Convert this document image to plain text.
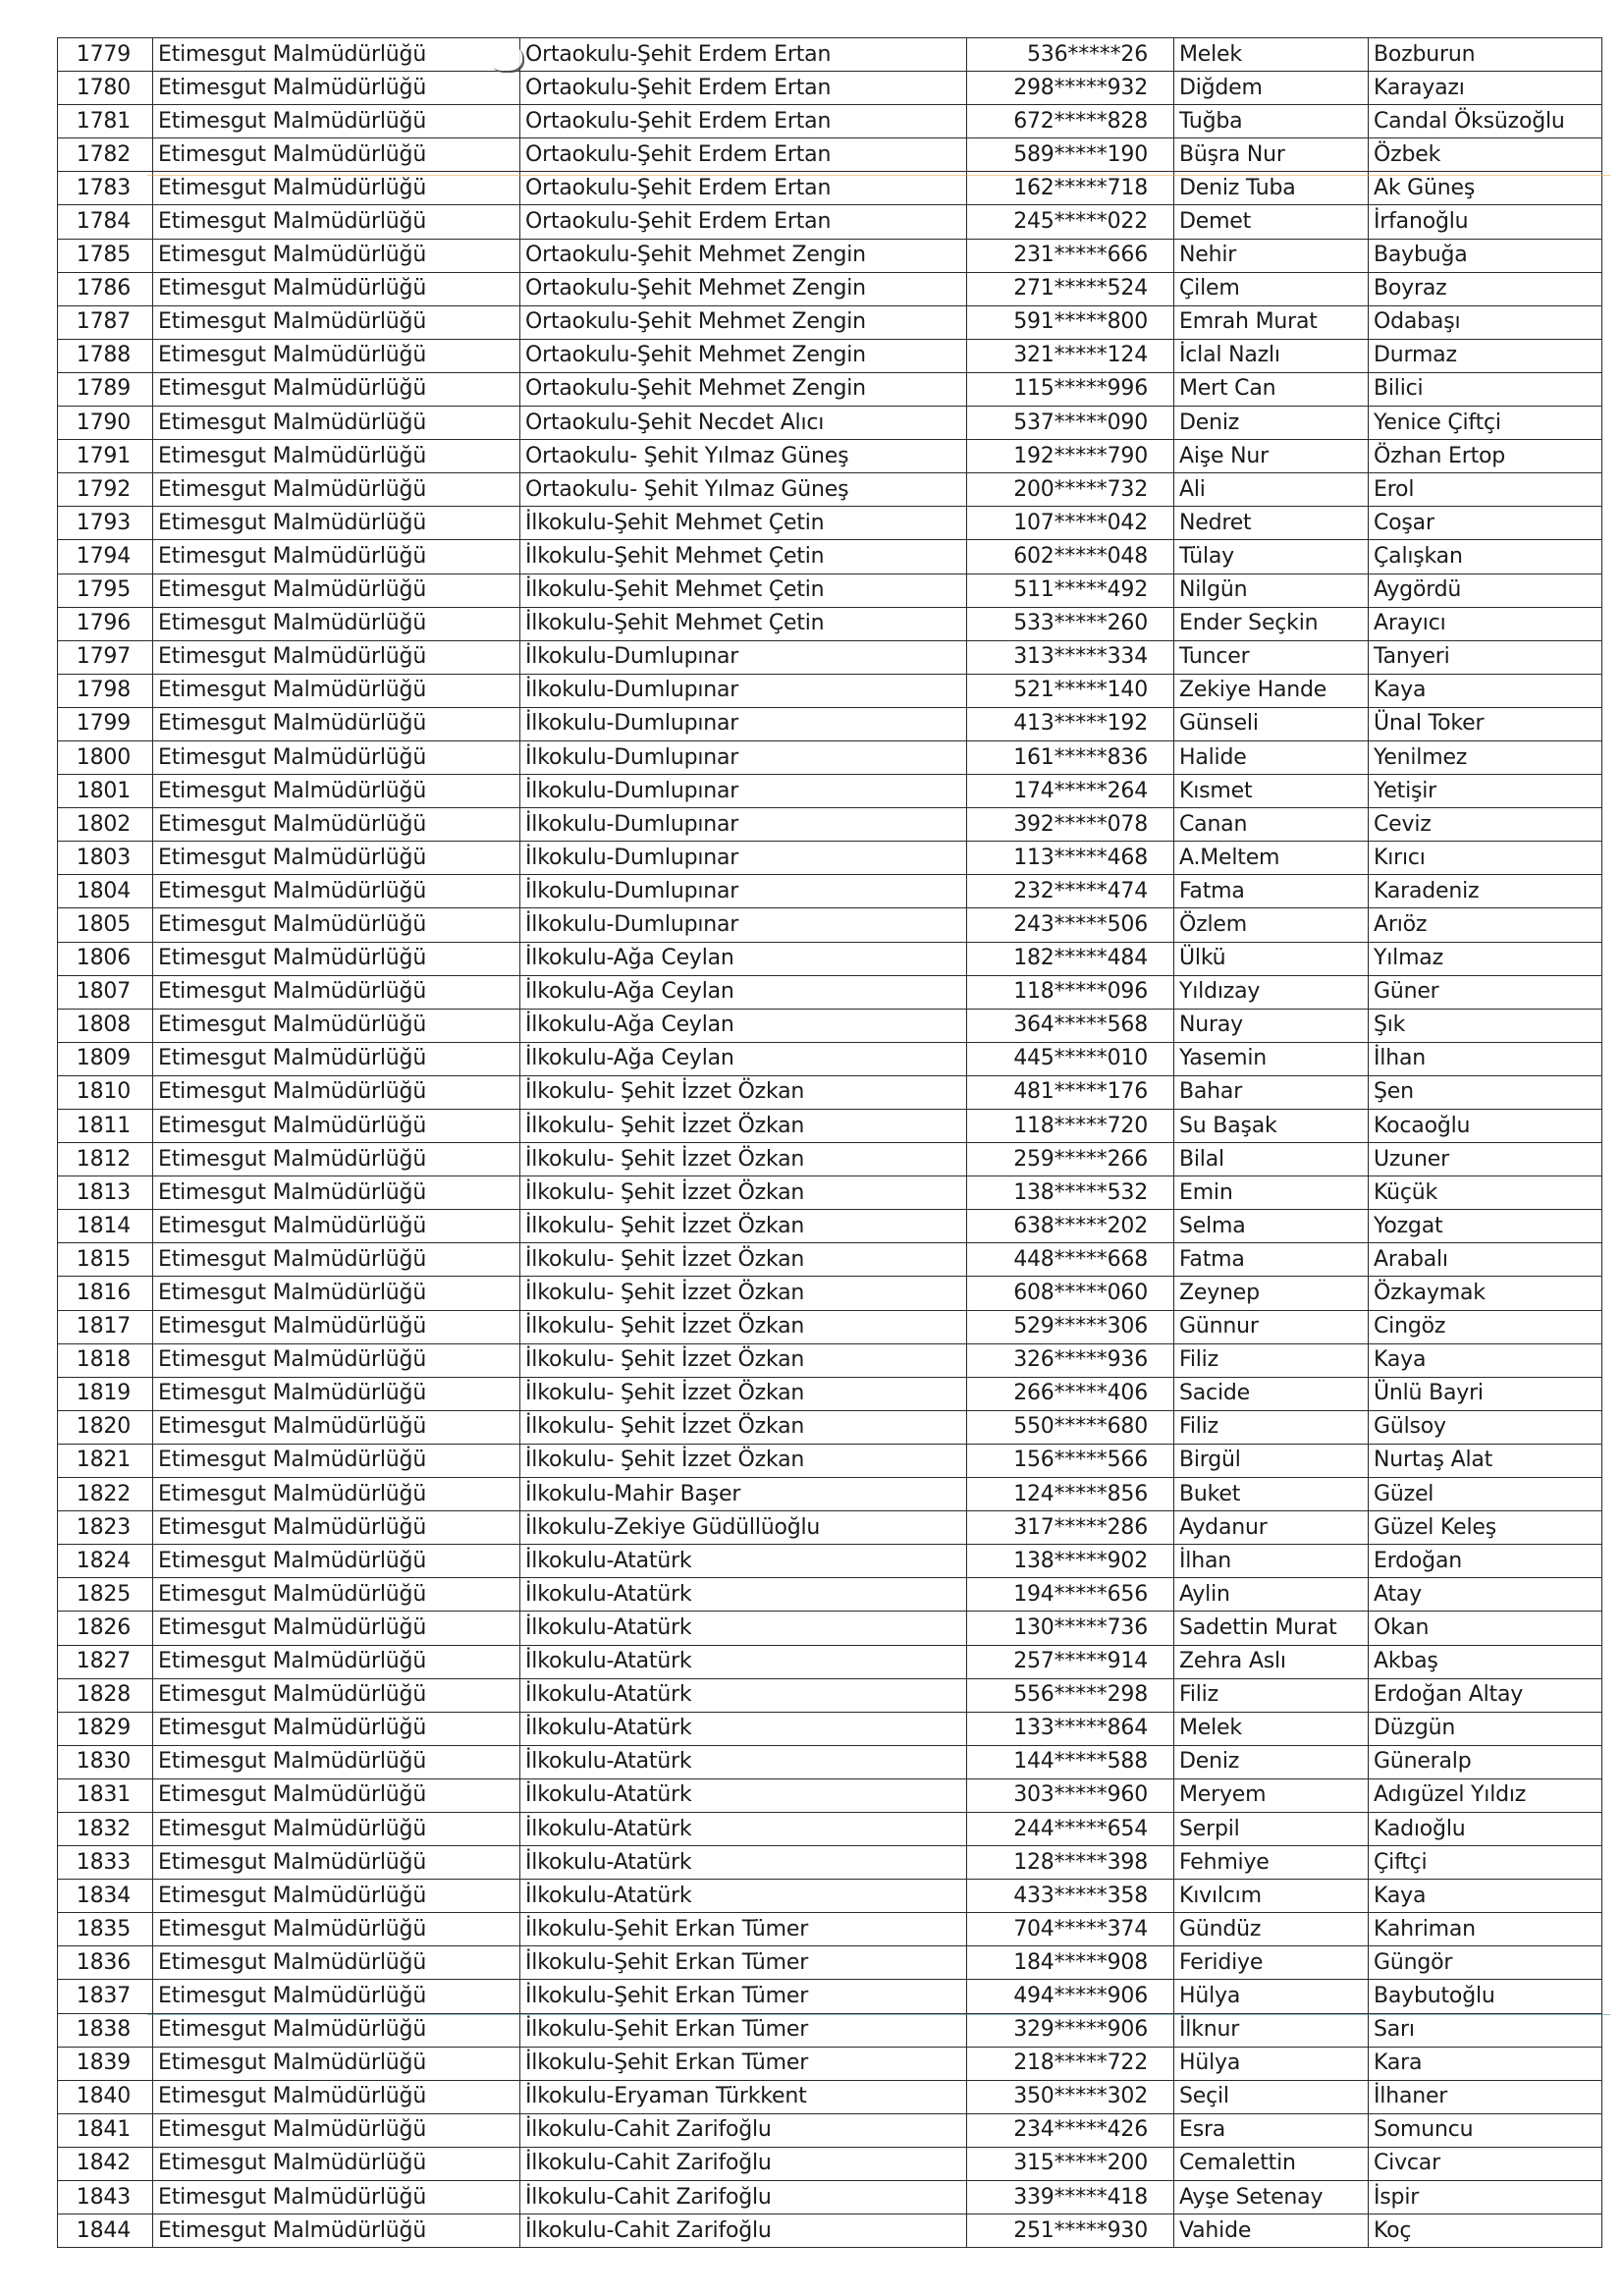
1779	Etimesgut Malmüdürlüğü	Ortaokulu-Şehit Erdem Ertan	536*****26	Melek	Bozburun
1780	Etimesgut Malmüdürlüğü	Ortaokulu-Şehit Erdem Ertan	298*****932	Diğdem	Karayazı
1781	Etimesgut Malmüdürlüğü	Ortaokulu-Şehit Erdem Ertan	672*****828	Tuğba	Candal Öksüzoğlu
1782	Etimesgut Malmüdürlüğü	Ortaokulu-Şehit Erdem Ertan	589*****190	Büşra Nur	Özbek
1783	Etimesgut Malmüdürlüğü	Ortaokulu-Şehit Erdem Ertan	162*****718	Deniz Tuba	Ak Güneş
1784	Etimesgut Malmüdürlüğü	Ortaokulu-Şehit Erdem Ertan	245*****022	Demet	İrfanoğlu
1785	Etimesgut Malmüdürlüğü	Ortaokulu-Şehit Mehmet Zengin	231*****666	Nehir	Baybuğa
1786	Etimesgut Malmüdürlüğü	Ortaokulu-Şehit Mehmet Zengin	271*****524	Çilem	Boyraz
1787	Etimesgut Malmüdürlüğü	Ortaokulu-Şehit Mehmet Zengin	591*****800	Emrah Murat	Odabaşı
1788	Etimesgut Malmüdürlüğü	Ortaokulu-Şehit Mehmet Zengin	321*****124	İclal Nazlı	Durmaz
1789	Etimesgut Malmüdürlüğü	Ortaokulu-Şehit Mehmet Zengin	115*****996	Mert Can	Bilici
1790	Etimesgut Malmüdürlüğü	Ortaokulu-Şehit Necdet Alıcı	537*****090	Deniz	Yenice Çiftçi
1791	Etimesgut Malmüdürlüğü	Ortaokulu- Şehit Yılmaz Güneş	192*****790	Aişe Nur	Özhan Ertop
1792	Etimesgut Malmüdürlüğü	Ortaokulu- Şehit Yılmaz Güneş	200*****732	Ali	Erol
1793	Etimesgut Malmüdürlüğü	İlkokulu-Şehit Mehmet Çetin	107*****042	Nedret	Coşar
1794	Etimesgut Malmüdürlüğü	İlkokulu-Şehit Mehmet Çetin	602*****048	Tülay	Çalışkan
1795	Etimesgut Malmüdürlüğü	İlkokulu-Şehit Mehmet Çetin	511*****492	Nilgün	Aygördü
1796	Etimesgut Malmüdürlüğü	İlkokulu-Şehit Mehmet Çetin	533*****260	Ender Seçkin	Arayıcı
1797	Etimesgut Malmüdürlüğü	İlkokulu-Dumlupınar	313*****334	Tuncer	Tanyeri
1798	Etimesgut Malmüdürlüğü	İlkokulu-Dumlupınar	521*****140	Zekiye Hande	Kaya
1799	Etimesgut Malmüdürlüğü	İlkokulu-Dumlupınar	413*****192	Günseli	Ünal Toker
1800	Etimesgut Malmüdürlüğü	İlkokulu-Dumlupınar	161*****836	Halide	Yenilmez
1801	Etimesgut Malmüdürlüğü	İlkokulu-Dumlupınar	174*****264	Kısmet	Yetişir
1802	Etimesgut Malmüdürlüğü	İlkokulu-Dumlupınar	392*****078	Canan	Ceviz
1803	Etimesgut Malmüdürlüğü	İlkokulu-Dumlupınar	113*****468	A.Meltem	Kırıcı
1804	Etimesgut Malmüdürlüğü	İlkokulu-Dumlupınar	232*****474	Fatma	Karadeniz
1805	Etimesgut Malmüdürlüğü	İlkokulu-Dumlupınar	243*****506	Özlem	Arıöz
1806	Etimesgut Malmüdürlüğü	İlkokulu-Ağa Ceylan	182*****484	Ülkü	Yılmaz
1807	Etimesgut Malmüdürlüğü	İlkokulu-Ağa Ceylan	118*****096	Yıldızay	Güner
1808	Etimesgut Malmüdürlüğü	İlkokulu-Ağa Ceylan	364*****568	Nuray	Şık
1809	Etimesgut Malmüdürlüğü	İlkokulu-Ağa Ceylan	445*****010	Yasemin	İlhan
1810	Etimesgut Malmüdürlüğü	İlkokulu- Şehit İzzet Özkan	481*****176	Bahar	Şen
1811	Etimesgut Malmüdürlüğü	İlkokulu- Şehit İzzet Özkan	118*****720	Su Başak	Kocaoğlu
1812	Etimesgut Malmüdürlüğü	İlkokulu- Şehit İzzet Özkan	259*****266	Bilal	Uzuner
1813	Etimesgut Malmüdürlüğü	İlkokulu- Şehit İzzet Özkan	138*****532	Emin	Küçük
1814	Etimesgut Malmüdürlüğü	İlkokulu- Şehit İzzet Özkan	638*****202	Selma	Yozgat
1815	Etimesgut Malmüdürlüğü	İlkokulu- Şehit İzzet Özkan	448*****668	Fatma	Arabalı
1816	Etimesgut Malmüdürlüğü	İlkokulu- Şehit İzzet Özkan	608*****060	Zeynep	Özkaymak
1817	Etimesgut Malmüdürlüğü	İlkokulu- Şehit İzzet Özkan	529*****306	Günnur	Cingöz
1818	Etimesgut Malmüdürlüğü	İlkokulu- Şehit İzzet Özkan	326*****936	Filiz	Kaya
1819	Etimesgut Malmüdürlüğü	İlkokulu- Şehit İzzet Özkan	266*****406	Sacide	Ünlü Bayri
1820	Etimesgut Malmüdürlüğü	İlkokulu- Şehit İzzet Özkan	550*****680	Filiz	Gülsoy
1821	Etimesgut Malmüdürlüğü	İlkokulu- Şehit İzzet Özkan	156*****566	Birgül	Nurtaş Alat
1822	Etimesgut Malmüdürlüğü	İlkokulu-Mahir Başer	124*****856	Buket	Güzel
1823	Etimesgut Malmüdürlüğü	İlkokulu-Zekiye Güdüllüoğlu	317*****286	Aydanur	Güzel Keleş
1824	Etimesgut Malmüdürlüğü	İlkokulu-Atatürk	138*****902	İlhan	Erdoğan
1825	Etimesgut Malmüdürlüğü	İlkokulu-Atatürk	194*****656	Aylin	Atay
1826	Etimesgut Malmüdürlüğü	İlkokulu-Atatürk	130*****736	Sadettin Murat	Okan
1827	Etimesgut Malmüdürlüğü	İlkokulu-Atatürk	257*****914	Zehra Aslı	Akbaş
1828	Etimesgut Malmüdürlüğü	İlkokulu-Atatürk	556*****298	Filiz	Erdoğan Altay
1829	Etimesgut Malmüdürlüğü	İlkokulu-Atatürk	133*****864	Melek	Düzgün
1830	Etimesgut Malmüdürlüğü	İlkokulu-Atatürk	144*****588	Deniz	Güneralp
1831	Etimesgut Malmüdürlüğü	İlkokulu-Atatürk	303*****960	Meryem	Adıgüzel Yıldız
1832	Etimesgut Malmüdürlüğü	İlkokulu-Atatürk	244*****654	Serpil	Kadıoğlu
1833	Etimesgut Malmüdürlüğü	İlkokulu-Atatürk	128*****398	Fehmiye	Çiftçi
1834	Etimesgut Malmüdürlüğü	İlkokulu-Atatürk	433*****358	Kıvılcım	Kaya
1835	Etimesgut Malmüdürlüğü	İlkokulu-Şehit Erkan Tümer	704*****374	Gündüz	Kahriman
1836	Etimesgut Malmüdürlüğü	İlkokulu-Şehit Erkan Tümer	184*****908	Feridiye	Güngör
1837	Etimesgut Malmüdürlüğü	İlkokulu-Şehit Erkan Tümer	494*****906	Hülya	Baybutoğlu
1838	Etimesgut Malmüdürlüğü	İlkokulu-Şehit Erkan Tümer	329*****906	İlknur	Sarı
1839	Etimesgut Malmüdürlüğü	İlkokulu-Şehit Erkan Tümer	218*****722	Hülya	Kara
1840	Etimesgut Malmüdürlüğü	İlkokulu-Eryaman Türkkent	350*****302	Seçil	İlhaner
1841	Etimesgut Malmüdürlüğü	İlkokulu-Cahit Zarifoğlu	234*****426	Esra	Somuncu
1842	Etimesgut Malmüdürlüğü	İlkokulu-Cahit Zarifoğlu	315*****200	Cemalettin	Civcar
1843	Etimesgut Malmüdürlüğü	İlkokulu-Cahit Zarifoğlu	339*****418	Ayşe Setenay	İspir
1844	Etimesgut Malmüdürlüğü	İlkokulu-Cahit Zarifoğlu	251*****930	Vahide	Koç
